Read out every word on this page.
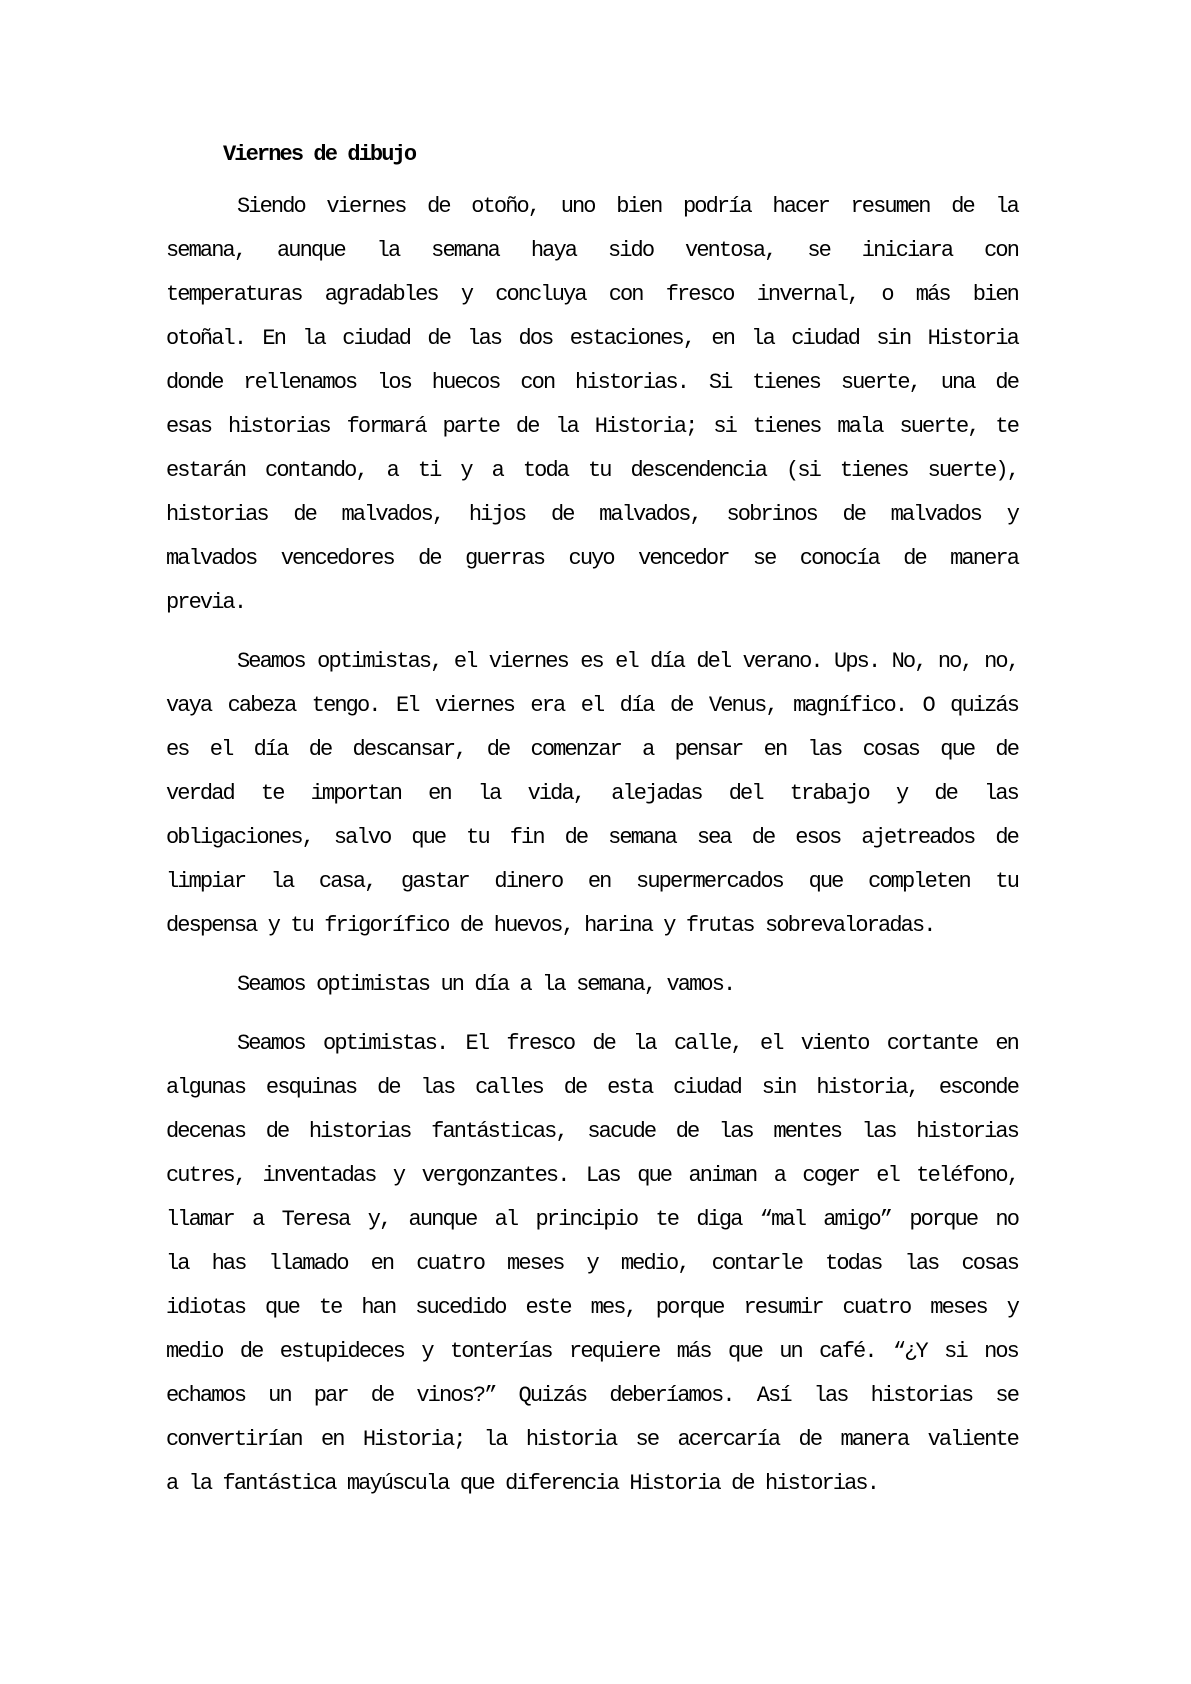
Viernes de dibujo
Siendo viernes de otoño, uno bien podría hacer resumen de la
semana, aunque la semana haya sido ventosa, se iniciara con
temperaturas agradables y concluya con fresco invernal, o más bien
otoñal. En la ciudad de las dos estaciones, en la ciudad sin Historia
donde rellenamos los huecos con historias. Si tienes suerte, una de
esas historias formará parte de la Historia; si tienes mala suerte, te
estarán contando, a ti y a toda tu descendencia (si tienes suerte),
historias de malvados, hijos de malvados, sobrinos de malvados y
malvados vencedores de guerras cuyo vencedor se conocía de manera
previa.
Seamos optimistas, el viernes es el día del verano. Ups. No, no, no,
vaya cabeza tengo. El viernes era el día de Venus, magnífico. O quizás
es el día de descansar, de comenzar a pensar en las cosas que de
verdad te importan en la vida, alejadas del trabajo y de las
obligaciones, salvo que tu fin de semana sea de esos ajetreados de
limpiar la casa, gastar dinero en supermercados que completen tu
despensa y tu frigorífico de huevos, harina y frutas sobrevaloradas.
Seamos optimistas un día a la semana, vamos.
Seamos optimistas. El fresco de la calle, el viento cortante en
algunas esquinas de las calles de esta ciudad sin historia, esconde
decenas de historias fantásticas, sacude de las mentes las historias
cutres, inventadas y vergonzantes. Las que animan a coger el teléfono,
llamar a Teresa y, aunque al principio te diga “mal amigo” porque no
la has llamado en cuatro meses y medio, contarle todas las cosas
idiotas que te han sucedido este mes, porque resumir cuatro meses y
medio de estupideces y tonterías requiere más que un café. “¿Y si nos
echamos un par de vinos?” Quizás deberíamos. Así las historias se
convertirían en Historia; la historia se acercaría de manera valiente
a la fantástica mayúscula que diferencia Historia de historias.
